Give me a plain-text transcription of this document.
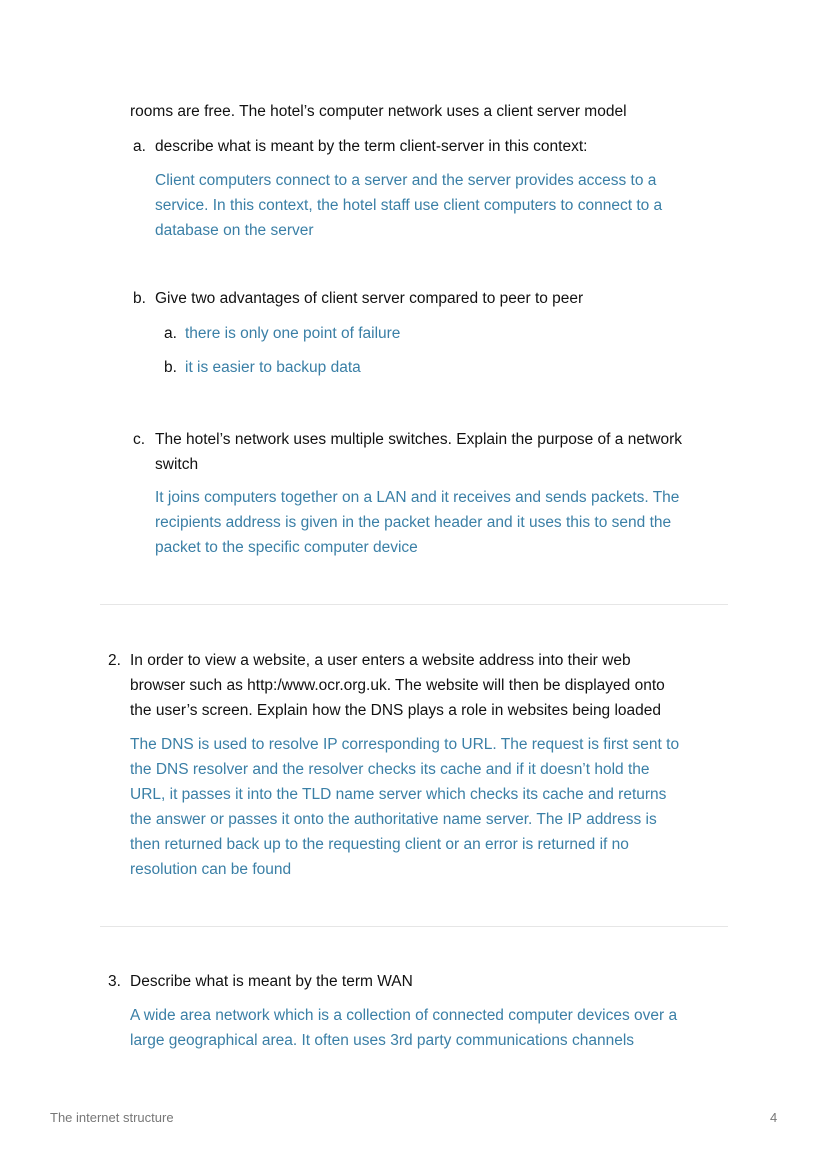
rooms are free. The hotel’s computer network uses a client server model
a. describe what is meant by the term client-server in this context:
Client computers connect to a server and the server provides access to a
service. In this context, the hotel staff use client computers to connect to a
database on the server
b. Give two advantages of client server compared to peer to peer
a. there is only one point of failure
b. it is easier to backup data
c. The hotel’s network uses multiple switches. Explain the purpose of a network
switch
It joins computers together on a LAN and it receives and sends packets. The
recipients address is given in the packet header and it uses this to send the
packet to the specific computer device
2. In order to view a website, a user enters a website address into their web
browser such as http:/www.ocr.org.uk. The website will then be displayed onto
the user’s screen. Explain how the DNS plays a role in websites being loaded
The DNS is used to resolve IP corresponding to URL. The request is first sent to
the DNS resolver and the resolver checks its cache and if it doesn’t hold the
URL, it passes it into the TLD name server which checks its cache and returns
the answer or passes it onto the authoritative name server. The IP address is
then returned back up to the requesting client or an error is returned if no
resolution can be found
3. Describe what is meant by the term WAN
A wide area network which is a collection of connected computer devices over a
large geographical area. It often uses 3rd party communications channels
The internet structure	4
